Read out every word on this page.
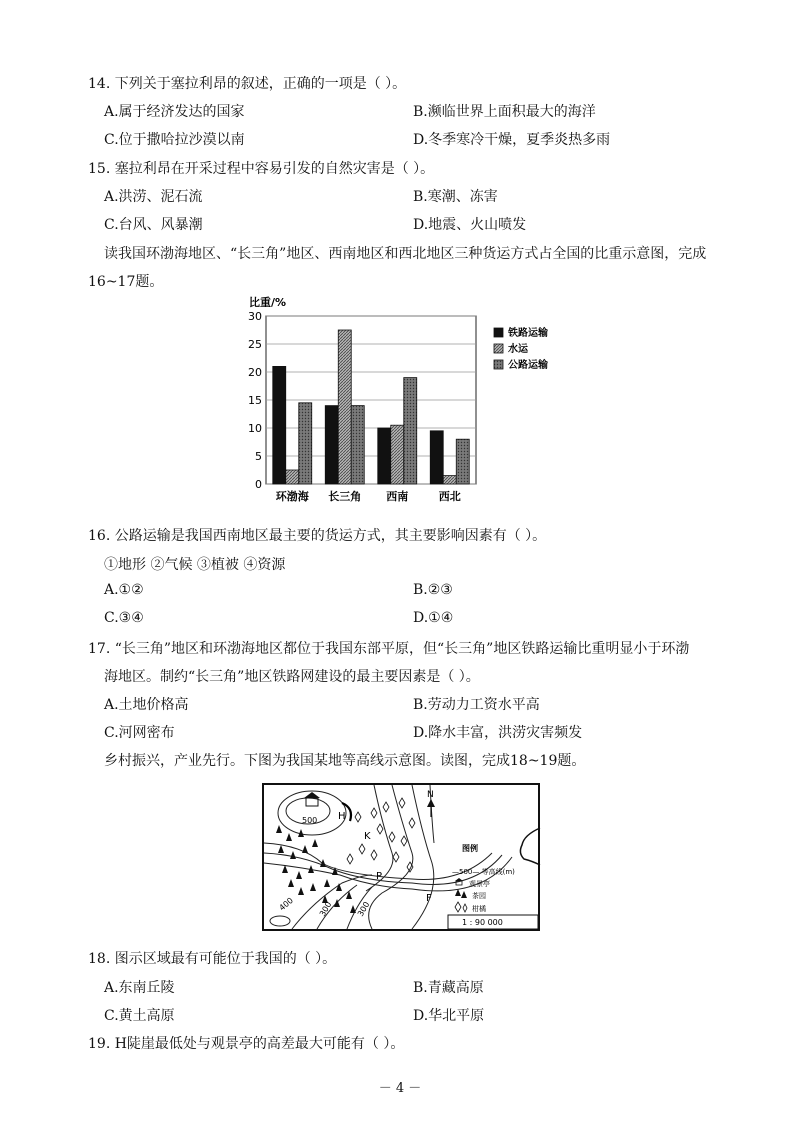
14. 下列关于塞拉利昂的叙述，正确的一项是（ ）。
A.属于经济发达的国家	B.濒临世界上面积最大的海洋
C.位于撒哈拉沙漠以南	D.冬季寒冷干燥，夏季炎热多雨
15. 塞拉利昂在开采过程中容易引发的自然灾害是（ ）。
A.洪涝、泥石流	B.寒潮、冻害
C.台风、风暴潮	D.地震、火山喷发
读我国环渤海地区、“长三角”地区、西南地区和西北地区三种货运方式占全国的比重示意图，完成
16~17题。
比重/%
0
5
10
15
20
25
30
环渤海 长三角 西南	西北
铁路运输
水运
公路运输
16. 公路运输是我国西南地区最主要的货运方式，其主要影响因素有（ ）。
①地形 ②气候 ③植被 ④资源
A.①②	B.②③
C.③④	D.①④
17. “长三角”地区和环渤海地区都位于我国东部平原，但“长三角”地区铁路运输比重明显小于环渤
海地区。制约“长三角”地区铁路网建设的最主要因素是（ ）。
A.土地价格高	B.劳动力工资水平高
C.河网密布	D.降水丰富，洪涝灾害频发
乡村振兴，产业先行。下图为我国某地等高线示意图。读图，完成18~19题。
500 H
K
P
F
400	300	300
N
图例
—500— 等高线(m)
观景亭
茶园
柑橘
1 : 90 000
18. 图示区域最有可能位于我国的（ ）。
A.东南丘陵	B.青藏高原
C.黄土高原	D.华北平原
19. H陡崖最低处与观景亭的高差最大可能有（ ）。
－ 4 －
